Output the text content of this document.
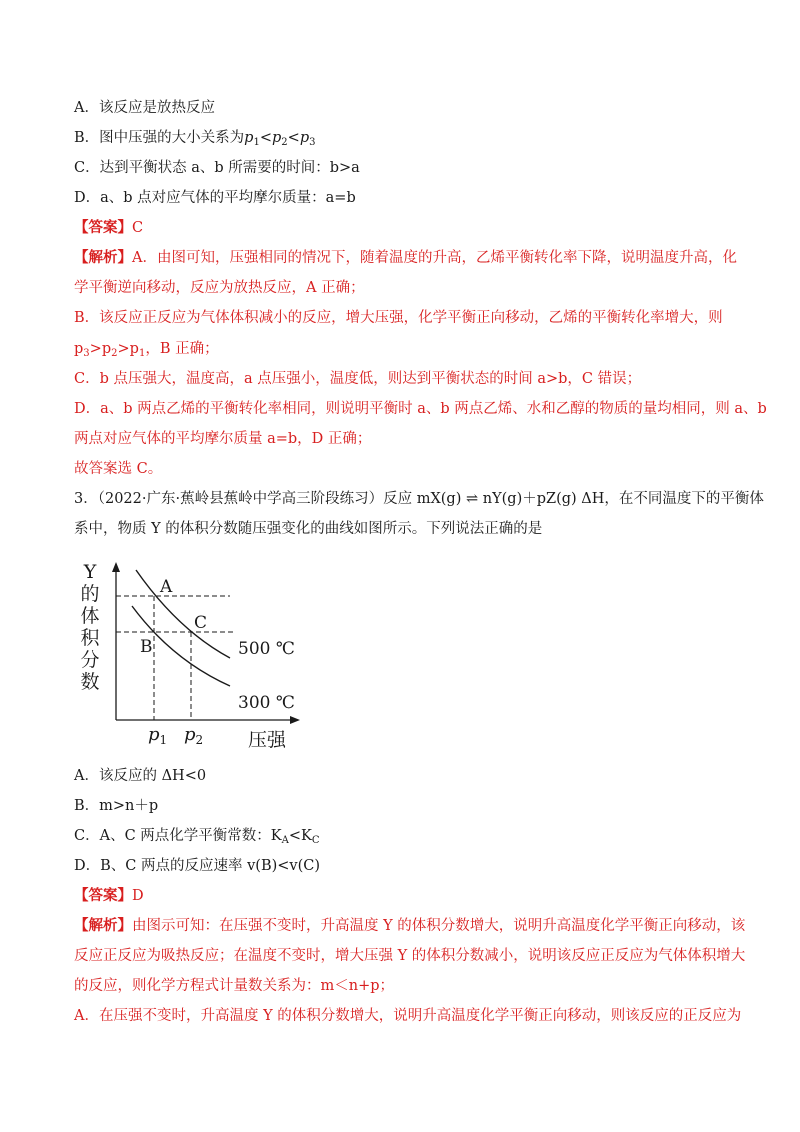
A．该反应是放热反应
B．图中压强的大小关系为$p_1<p_2<p_3$
C．达到平衡状态 a、b 所需要的时间：b>a
D．a、b 点对应气体的平均摩尔质量：a=b
【答案】C
【解析】A．由图可知，压强相同的情况下，随着温度的升高，乙烯平衡转化率下降，说明温度升高，化
学平衡逆向移动，反应为放热反应，A 正确；
B．该反应正反应为气体体积减小的反应，增大压强，化学平衡正向移动，乙烯的平衡转化率增大，则
$p_3>p_2>p_1$，B 正确；
C．b 点压强大，温度高，a 点压强小，温度低，则达到平衡状态的时间 a>b，C 错误；
D．a、b 两点乙烯的平衡转化率相同，则说明平衡时 a、b 两点乙烯、水和乙醇的物质的量均相同，则 a、b
两点对应气体的平均摩尔质量 a=b，D 正确；
故答案选 C。
3．（2022·广东·蕉岭县蕉岭中学高三阶段练习）反应 mX(g) ⇌ nY(g)＋pZ(g) ΔH，在不同温度下的平衡体
系中，物质 Y 的体积分数随压强变化的曲线如图所示。下列说法正确的是
Y
的
体
积
分
数
A
B
C
500 ℃
300 ℃
$p_1$ $p_2$ 压强
A．该反应的 ΔH<0
B．m>n＋p
C．A、C 两点化学平衡常数：$K_A<K_C$
D．B、C 两点的反应速率 v(B)<v(C)
【答案】D
【解析】由图示可知：在压强不变时，升高温度 Y 的体积分数增大，说明升高温度化学平衡正向移动，该
反应正反应为吸热反应；在温度不变时，增大压强 Y 的体积分数减小，说明该反应正反应为气体体积增大
的反应，则化学方程式计量数关系为：m＜n+p；
A．在压强不变时，升高温度 Y 的体积分数增大，说明升高温度化学平衡正向移动，则该反应的正反应为
